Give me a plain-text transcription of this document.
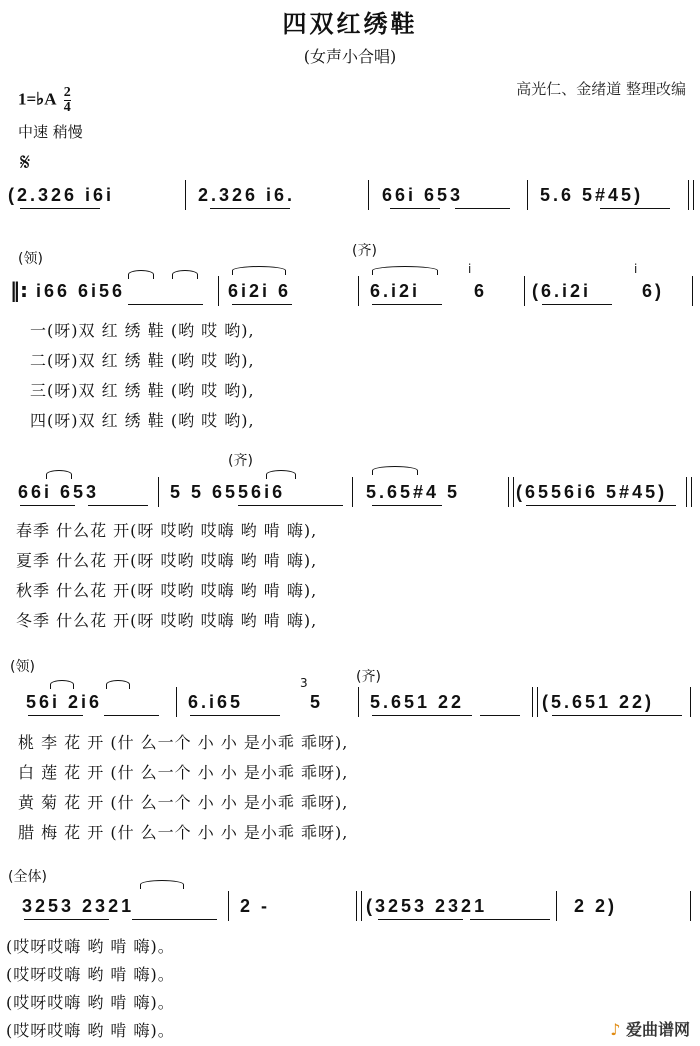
四双红绣鞋
(女声小合唱)
高光仁、金绪道 整理改编
1=♭A $\frac{2}{4}$
中速 稍慢
𝄋
(2.326 i6i	2.326 i6.	66i 653	5.6 5#45)
(领)	(齐)
‖: i66 6i56	6i2i 6	6.i2i
i
6 (6.i2i
i
6)
一(呀)双 红 绣 鞋 (哟 哎 哟),
二(呀)双 红 绣 鞋 (哟 哎 哟),
三(呀)双 红 绣 鞋 (哟 哎 哟),
四(呀)双 红 绣 鞋 (哟 哎 哟),
(齐)
66i 653	5 5 6556i6	5.65#4 5	(6556i6 5#45)
春季 什么花 开(呀 哎哟 哎嗨 哟 啃 嗨),
夏季 什么花 开(呀 哎哟 哎嗨 哟 啃 嗨),
秋季 什么花 开(呀 哎哟 哎嗨 哟 啃 嗨),
冬季 什么花 开(呀 哎哟 哎嗨 哟 啃 嗨),
(领)
(齐)
56i 2i6	6.i65
3
5	5.651 22	(5.651 22)
桃 李 花 开 (什 么一个 小 小 是小乖 乖呀),
白 莲 花 开 (什 么一个 小 小 是小乖 乖呀),
黄 菊 花 开 (什 么一个 小 小 是小乖 乖呀),
腊 梅 花 开 (什 么一个 小 小 是小乖 乖呀),
(全体)
3253 2321	2 -	(3253 2321	2 2)
(哎呀哎嗨 哟 啃 嗨)。
(哎呀哎嗨 哟 啃 嗨)。
(哎呀哎嗨 哟 啃 嗨)。
(哎呀哎嗨 哟 啃 嗨)。	♪ 爱曲谱网
